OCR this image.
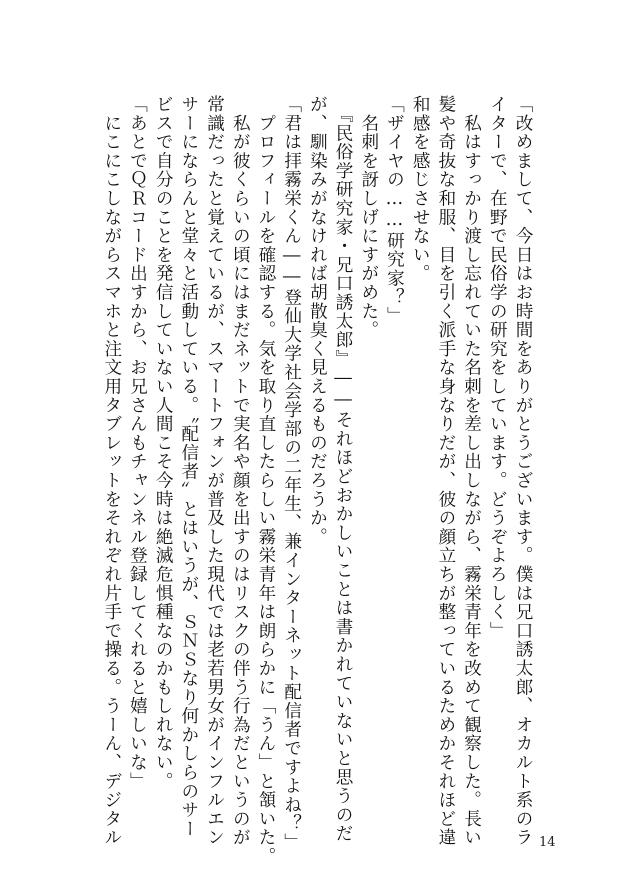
「改めまして、今日はお時間をありがとうございます。僕は兄口誘太郎、オカルト系のラ

イターで、在野で民俗学の研究をしています。どうぞよろしく」

　私はすっかり渡し忘れていた名刺を差し出しながら、霧栄青年を改めて観察した。長い

髪や奇抜な和服、目を引く派手な身なりだが、彼の顔立ちが整っているためかそれほど違

和感を感じさせない。

「ザイヤの……研究家？」

　名刺を訝しげにすがめた。

　『民俗学研究家・兄口誘太郎』――それほどおかしいことは書かれていないと思うのだ

が、馴染みがなければ胡散臭く見えるものだろうか。

「君は拝霧栄くん――登仙大学社会学部の二年生、兼インターネット配信者ですよね？」

　プロフィールを確認する。気を取り直したらしい霧栄青年は朗らかに「うん」と頷いた。

　私が彼くらいの頃にはまだネットで実名や顔を出すのはリスクの伴う行為だというのが

常識だったと覚えているが、スマートフォンが普及した現代では老若男女がインフルエン

サーにならんと堂々と活動している。〝配信者〟とはいうが、ＳＮＳなり何かしらのサー

ビスで自分のことを発信していない人間こそ今時は絶滅危惧種なのかもしれない。

「あとでＱＲコード出すから、お兄さんもチャンネル登録してくれると嬉しいな」

　にこにこしながらスマホと注文用タブレットをそれぞれ片手で操る。うーん、デジタル	14
